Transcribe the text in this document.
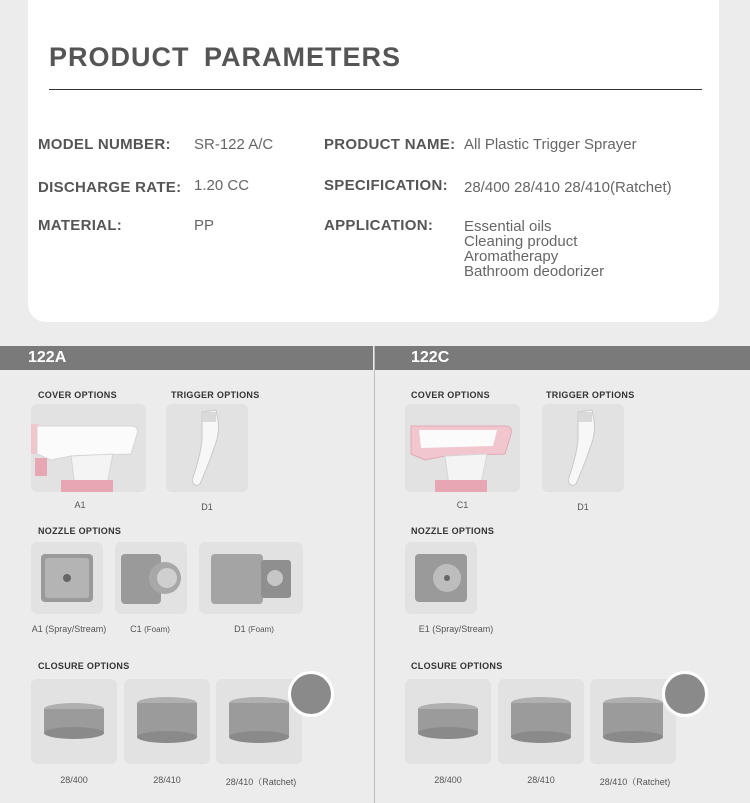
PRODUCT PARAMETERS
MODEL NUMBER: SR-122 A/C
DISCHARGE RATE: 1.20 CC
MATERIAL:	PP
PRODUCT NAME: All Plastic Trigger Sprayer
SPECIFICATION: 28/400 28/410 28/410(Ratchet)
APPLICATION: Essential oils
Cleaning product
Aromatherapy
Bathroom deodorizer
122A	122C
COVER OPTIONS
A1
TRIGGER OPTIONS
D1
NOZZLE OPTIONS
A1 (Spray/Stream)	C1 (Foam)	D1 (Foam)
CLOSURE OPTIONS
28/400	28/410	28/410（Ratchet)
COVER OPTIONS
C1
TRIGGER OPTIONS
D1
NOZZLE OPTIONS
E1 (Spray/Stream)
CLOSURE OPTIONS
28/400	28/410	28/410（Ratchet)
